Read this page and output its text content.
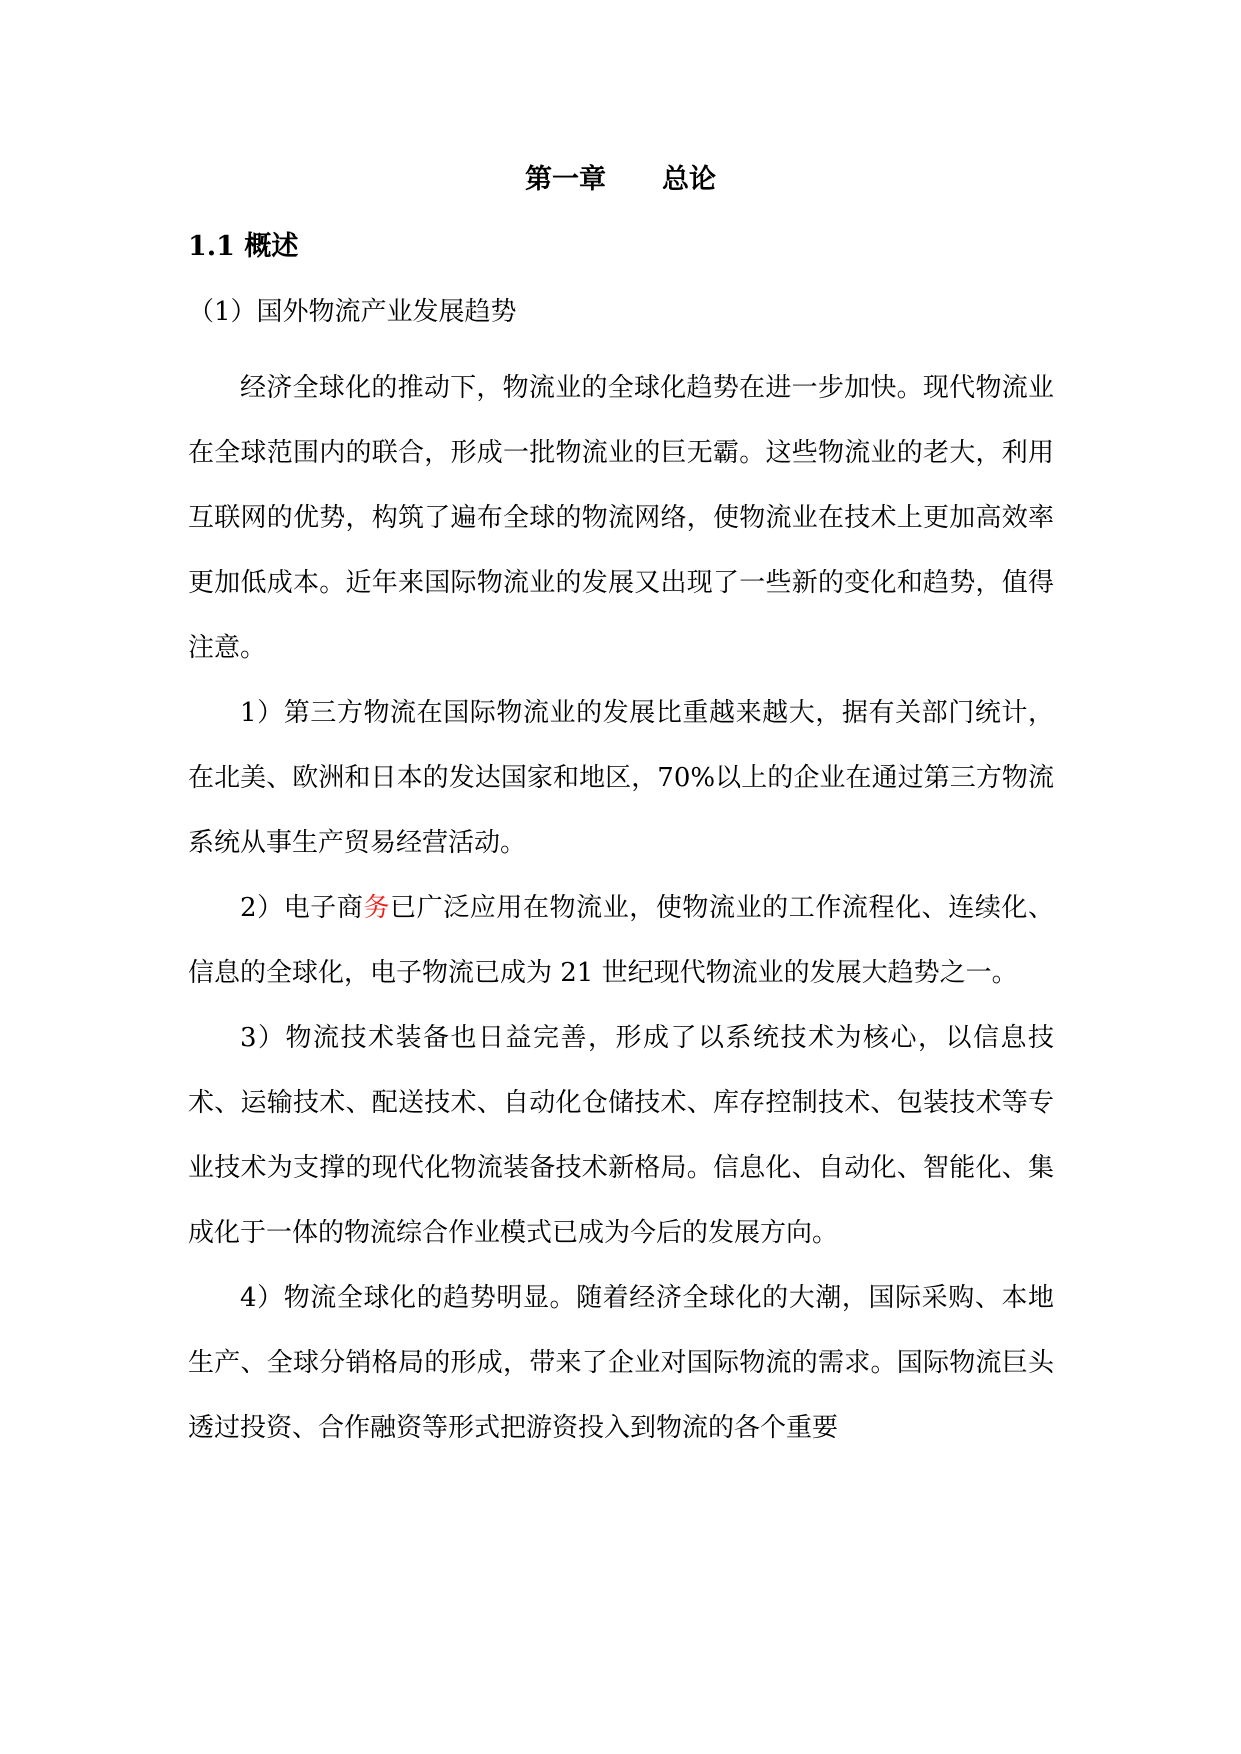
第一章 总论
1.1 概述
（1）国外物流产业发展趋势

经济全球化的推动下，物流业的全球化趋势在进一步加快。现代物流业在全球范围内的联合，形成一批物流业的巨无霸。这些物流业的老大，利用互联网的优势，构筑了遍布全球的物流网络，使物流业在技术上更加高效率更加低成本。近年来国际物流业的发展又出现了一些新的变化和趋势，值得注意。

1）第三方物流在国际物流业的发展比重越来越大，据有关部门统计，在北美、欧洲和日本的发达国家和地区，70%以上的企业在通过第三方物流系统从事生产贸易经营活动。

2）电子商务已广泛应用在物流业，使物流业的工作流程化、连续化、信息的全球化，电子物流已成为 21 世纪现代物流业的发展大趋势之一。

3）物流技术装备也日益完善，形成了以系统技术为核心，以信息技术、运输技术、配送技术、自动化仓储技术、库存控制技术、包装技术等专业技术为支撑的现代化物流装备技术新格局。信息化、自动化、智能化、集成化于一体的物流综合作业模式已成为今后的发展方向。

4）物流全球化的趋势明显。随着经济全球化的大潮，国际采购、本地生产、全球分销格局的形成，带来了企业对国际物流的需求。国际物流巨头透过投资、合作融资等形式把游资投入到物流的各个重要
